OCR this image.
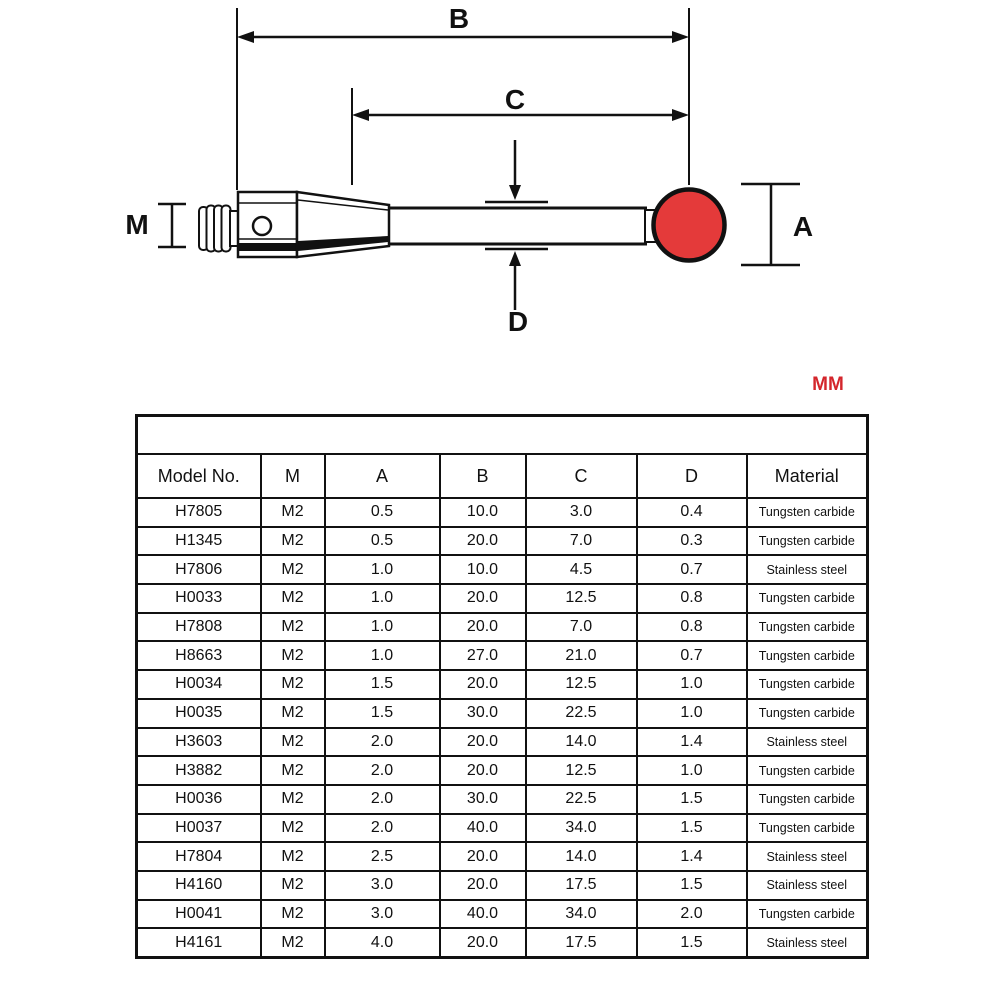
B
C
D
M	A
MM

Model No.	M	A	B	C	D	Material
H7805	M2	0.5	10.0	3.0	0.4	Tungsten carbide
H1345	M2	0.5	20.0	7.0	0.3	Tungsten carbide
H7806	M2	1.0	10.0	4.5	0.7	Stainless steel
H0033	M2	1.0	20.0	12.5	0.8	Tungsten carbide
H7808	M2	1.0	20.0	7.0	0.8	Tungsten carbide
H8663	M2	1.0	27.0	21.0	0.7	Tungsten carbide
H0034	M2	1.5	20.0	12.5	1.0	Tungsten carbide
H0035	M2	1.5	30.0	22.5	1.0	Tungsten carbide
H3603	M2	2.0	20.0	14.0	1.4	Stainless steel
H3882	M2	2.0	20.0	12.5	1.0	Tungsten carbide
H0036	M2	2.0	30.0	22.5	1.5	Tungsten carbide
H0037	M2	2.0	40.0	34.0	1.5	Tungsten carbide
H7804	M2	2.5	20.0	14.0	1.4	Stainless steel
H4160	M2	3.0	20.0	17.5	1.5	Stainless steel
H0041	M2	3.0	40.0	34.0	2.0	Tungsten carbide
H4161	M2	4.0	20.0	17.5	1.5	Stainless steel
